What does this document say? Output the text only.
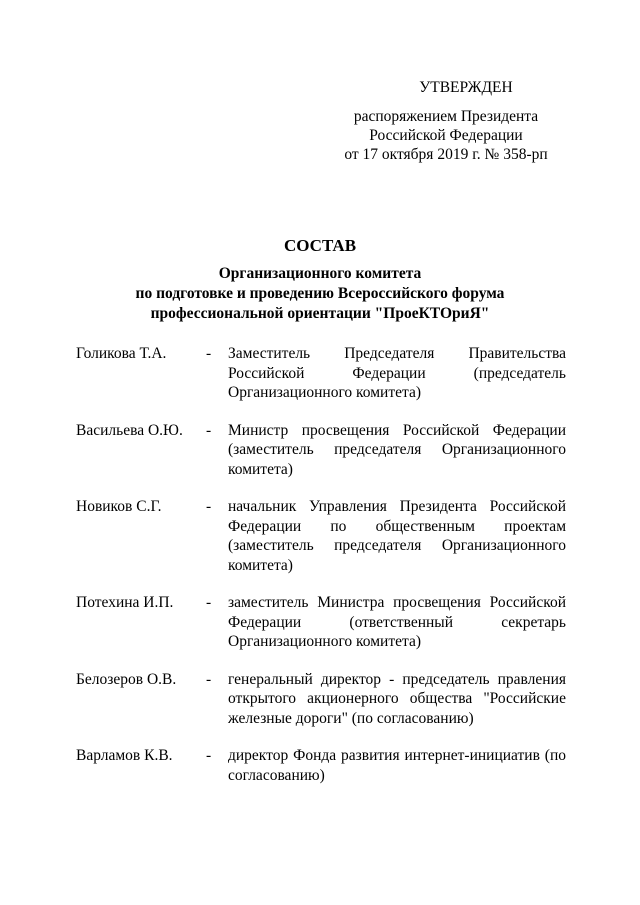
УТВЕРЖДЕН
распоряжением Президента
Российской Федерации
от 17 октября 2019 г. № 358-рп
СОСТАВ
Организационного комитета
по подготовке и проведению Всероссийского форума
профессиональной ориентации "ПроеКТОриЯ"
Голикова Т.А.	-	Заместитель Председателя Правительства Российской Федерации (председатель Организационного комитета)
Васильева О.Ю.	-	Министр просвещения Российской Федерации (заместитель председателя Организационного комитета)
Новиков С.Г.	-	начальник Управления Президента Российской Федерации по общественным проектам (заместитель председателя Организационного комитета)
Потехина И.П.	-	заместитель Министра просвещения Российской Федерации (ответственный секретарь Организационного комитета)
Белозеров О.В.	-	генеральный директор - председатель правления открытого акционерного общества "Российские железные дороги" (по согласованию)
Варламов К.В.	-	директор Фонда развития интернет-инициатив (по согласованию)
